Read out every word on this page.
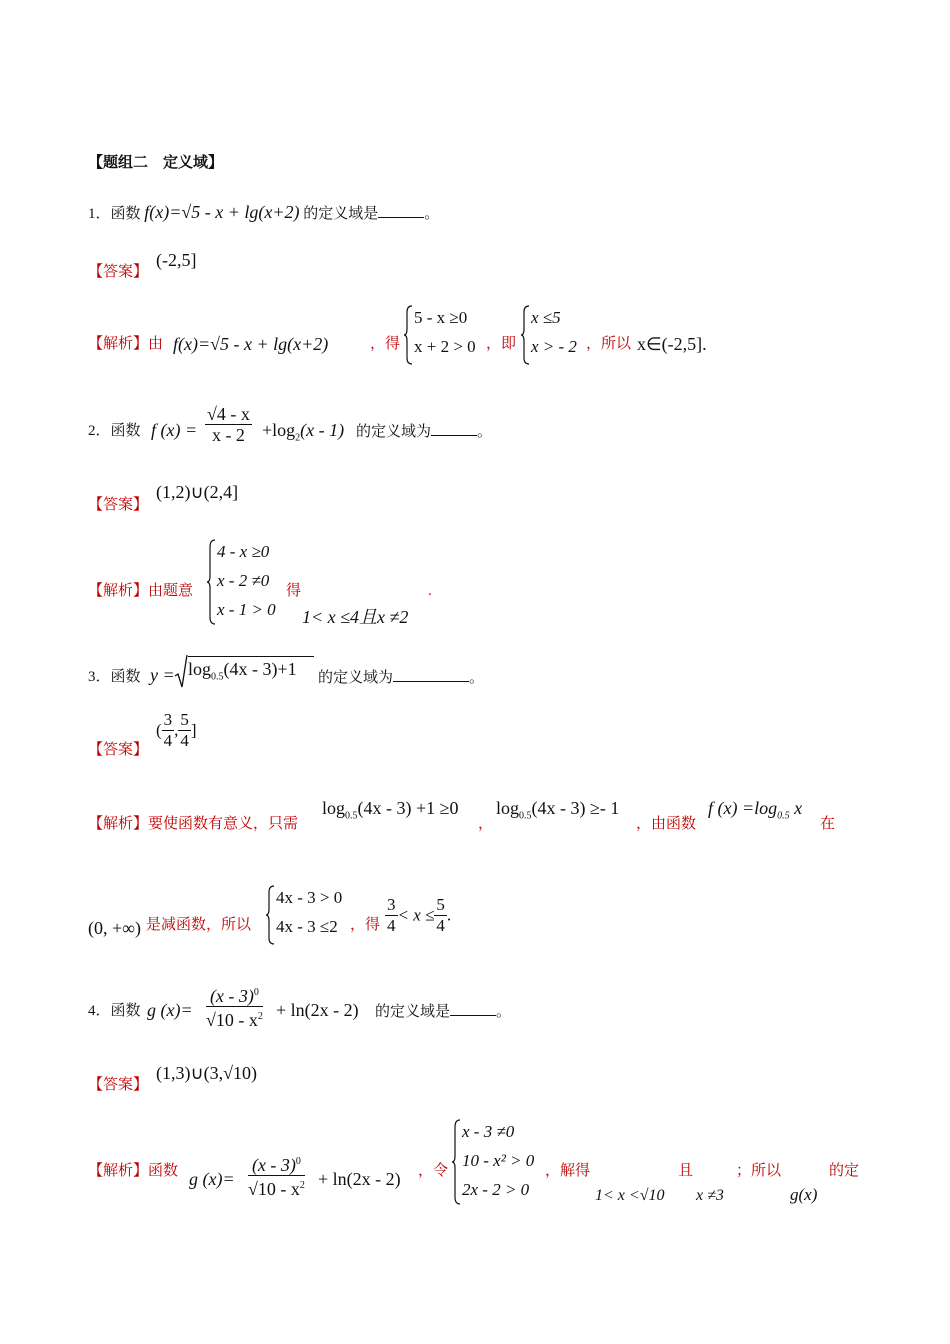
【题组二　定义域】
1．函数 f(x)=√5 - x + lg(x+2) 的定义域是	。
【答案】
(-2,5]
【解析】由 f(x)=√5 - x + lg(x+2)	，得
5 - x ≥0
x + 2 > 0 ，即
x ≤5
x > - 2 ，所以 x∈(-2,5].
2．函数 f $(x) = \frac{√4 - x}{x - 2} +\log_2(x - 1)$ 的定义域为	。
【答案】
(1,2)∪(2,4]
【解析】由题意
4 - x ≥0
x - 2 ≠0
x - 1 > 0
得
1< x ≤4且x ≠2
.
3．函数 $y = \log_{0.5}(4x - 3)+1$	的定义域为	。
【答案】
( $\frac{3}{4}$ , $\frac{5}{4}$ ]
【解析】要使函数有意义，只需
$\log_{0.5}(4x - 3) +1 \ge 0$
，
$\log_{0.5}(4x - 3) \ge- 1$
，由函数
f $(x) =\log_{0.5}$ x
在
(0, +∞) 是减函数，所以
4x - 3 > 0
4x - 3 ≤2 ，得 $\frac{3}{4} < x \le \frac{5}{4}$ .
4．函数 g $(x)= \frac{(x - 3)^0}{√10 - x^2} + \ln(2x - 2)$ 的定义域是	。
【答案】
(1,3)∪(3,√10)
【解析】函数 g $(x)= \frac{(x - 3)^0}{√10 - x^2} + \ln(2x - 2)$ ，令
x - 3 ≠0
10 - x² > 0
2x - 2 > 0
，解得
1< x <√10
且
x ≠3
；所以
g(x)
的定
